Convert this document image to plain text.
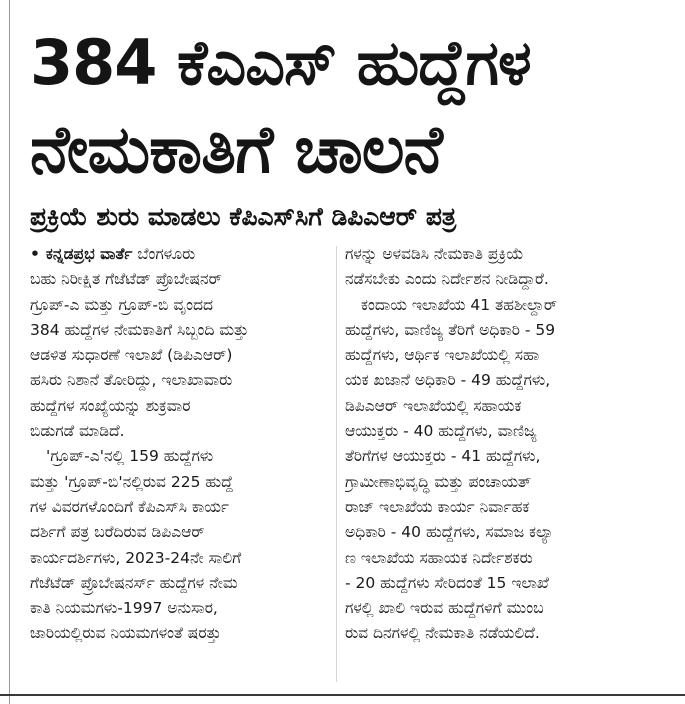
384 ಕೆಎಎಸ್ ಹುದ್ದೆಗಳ
ನೇಮಕಾತಿಗೆ ಚಾಲನೆ
ಪ್ರಕ್ರಿಯೆ ಶುರು ಮಾಡಲು ಕೆಪಿಎಸ್‌ಸಿಗೆ ಡಿಪಿಎಆರ್ ಪತ್ರ
• ಕನ್ನಡಪ್ರಭ ವಾರ್ತೆ ಬೆಂಗಳೂರು
ಬಹು ನಿರೀಕ್ಷಿತ ಗೆಜೆಟೆಡ್ ಪ್ರೊಬೇಷನರ್
ಗ್ರೂಪ್-ಎ ಮತ್ತು ಗ್ರೂಪ್-ಬಿ ವೃಂದದ
384 ಹುದ್ದೆಗಳ ನೇಮಕಾತಿಗೆ ಸಿಬ್ಬಂದಿ ಮತ್ತು
ಆಡಳಿತ ಸುಧಾರಣೆ ಇಲಾಖೆ (ಡಿಪಿಎಆರ್)
ಹಸಿರು ನಿಶಾನೆ ತೋರಿದ್ದು, ಇಲಾಖಾವಾರು
ಹುದ್ದೆಗಳ ಸಂಖ್ಯೆಯನ್ನು ಶುಕ್ರವಾರ
ಬಿಡುಗಡೆ ಮಾಡಿದೆ.
'ಗ್ರೂಪ್-ಎ'ನಲ್ಲಿ 159 ಹುದ್ದೆಗಳು
ಮತ್ತು 'ಗ್ರೂಪ್-ಬಿ'ನಲ್ಲಿರುವ 225 ಹುದ್ದೆ
ಗಳ ವಿವರಗಳೊಂದಿಗೆ ಕೆಪಿಎಸ್‌ಸಿ ಕಾರ್ಯ
ದರ್ಶಿಗೆ ಪತ್ರ ಬರೆದಿರುವ ಡಿಪಿಎಆರ್
ಕಾರ್ಯದರ್ಶಿಗಳು, 2023-24ನೇ ಸಾಲಿಗೆ
ಗೆಜೆಟೆಡ್ ಪ್ರೊಬೇಷನರ್ಸ್ ಹುದ್ದೆಗಳ ನೇಮ
ಕಾತಿ ನಿಯಮಗಳು-1997 ಅನುಸಾರ,
ಜಾರಿಯಲ್ಲಿರುವ ನಿಯಮಗಳಂತೆ ಷರತ್ತು
ಗಳನ್ನು ಅಳವಡಿಸಿ ನೇಮಕಾತಿ ಪ್ರಕ್ರಿಯೆ
ನಡೆಸಬೇಕು ಎಂದು ನಿರ್ದೇಶನ ನೀಡಿದ್ದಾರೆ.
ಕಂದಾಯ ಇಲಾಖೆಯ 41 ತಹಶೀಲ್ದಾರ್
ಹುದ್ದೆಗಳು, ವಾಣಿಜ್ಯ ತೆರಿಗೆ ಅಧಿಕಾರಿ - 59
ಹುದ್ದೆಗಳು, ಆರ್ಥಿಕ ಇಲಾಖೆಯಲ್ಲಿ ಸಹಾ
ಯಕ ಖಜಾನೆ ಅಧಿಕಾರಿ - 49 ಹುದ್ದೆಗಳು,
ಡಿಪಿಎಆರ್ ಇಲಾಖೆಯಲ್ಲಿ ಸಹಾಯಕ
ಆಯುಕ್ತರು - 40 ಹುದ್ದೆಗಳು, ವಾಣಿಜ್ಯ
ತೆರಿಗೆಗಳ ಆಯುಕ್ತರು - 41 ಹುದ್ದೆಗಳು,
ಗ್ರಾಮೀಣಾಭಿವೃದ್ಧಿ ಮತ್ತು ಪಂಚಾಯತ್
ರಾಜ್ ಇಲಾಖೆಯ ಕಾರ್ಯ ನಿರ್ವಾಹಕ
ಅಧಿಕಾರಿ - 40 ಹುದ್ದೆಗಳು, ಸಮಾಜ ಕಲ್ಯಾ
ಣ ಇಲಾಖೆಯ ಸಹಾಯಕ ನಿರ್ದೇಶಕರು
- 20 ಹುದ್ದೆಗಳು ಸೇರಿದಂತೆ 15 ಇಲಾಖೆ
ಗಳಲ್ಲಿ ಖಾಲಿ ಇರುವ ಹುದ್ದೆಗಳಿಗೆ ಮುಂಬ
ರುವ ದಿನಗಳಲ್ಲಿ ನೇಮಕಾತಿ ನಡೆಯಲಿದೆ.
